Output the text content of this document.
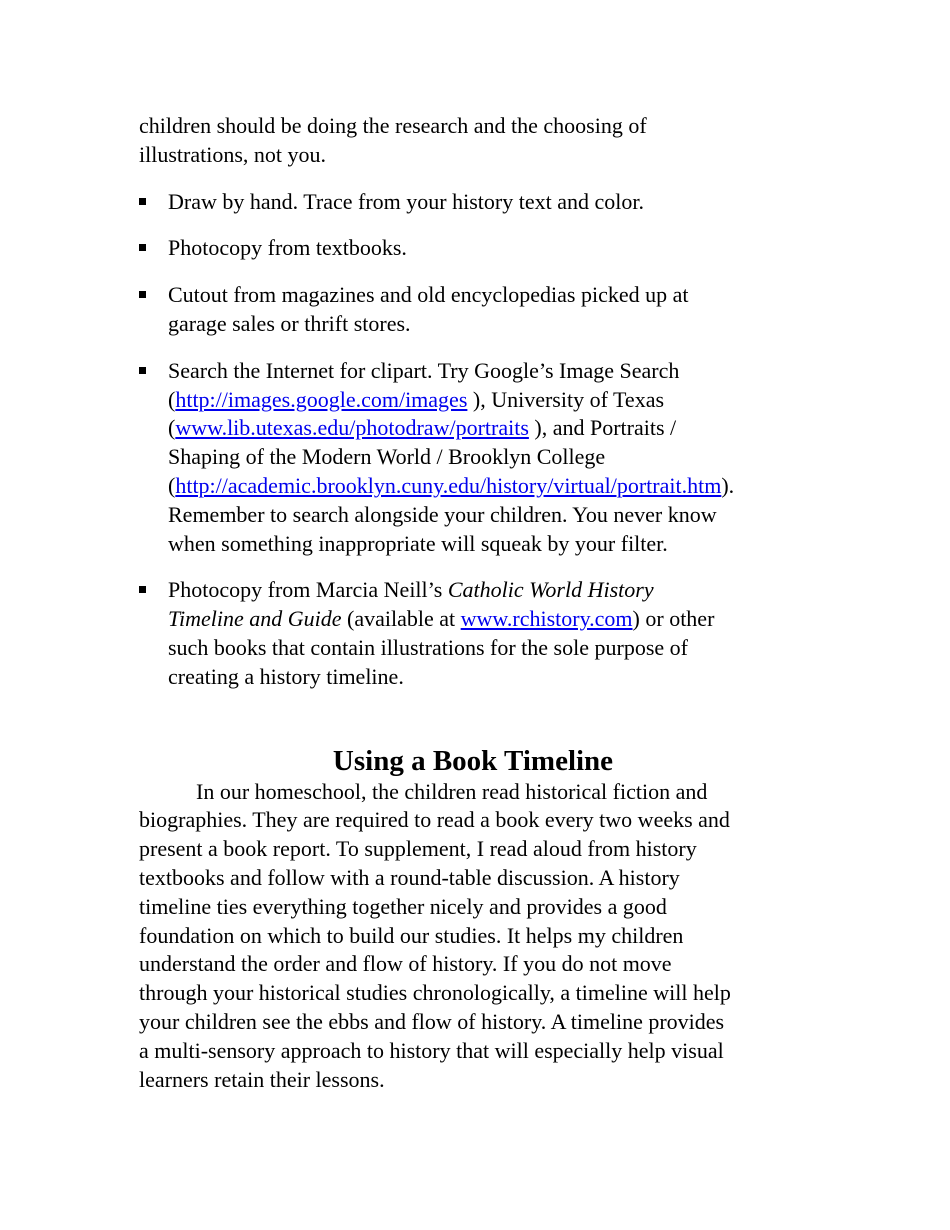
children should be doing the research and the choosing of
illustrations, not you.

Draw by hand. Trace from your history text and color.
Photocopy from textbooks.
Cutout from magazines and old encyclopedias picked up at
garage sales or thrift stores.
Search the Internet for clipart. Try Google’s Image Search
(http://images.google.com/images ), University of Texas
(www.lib.utexas.edu/photodraw/portraits ), and Portraits /
Shaping of the Modern World / Brooklyn College
(http://academic.brooklyn.cuny.edu/history/virtual/portrait.htm).
Remember to search alongside your children. You never know
when something inappropriate will squeak by your filter.
Photocopy from Marcia Neill’s Catholic World History
Timeline and Guide (available at www.rchistory.com) or other
such books that contain illustrations for the sole purpose of
creating a history timeline.
Using a Book Timeline

In our homeschool, the children read historical fiction and
biographies. They are required to read a book every two weeks and
present a book report. To supplement, I read aloud from history
textbooks and follow with a round-table discussion. A history
timeline ties everything together nicely and provides a good
foundation on which to build our studies. It helps my children
understand the order and flow of history. If you do not move
through your historical studies chronologically, a timeline will help
your children see the ebbs and flow of history. A timeline provides
a multi-sensory approach to history that will especially help visual
learners retain their lessons.
